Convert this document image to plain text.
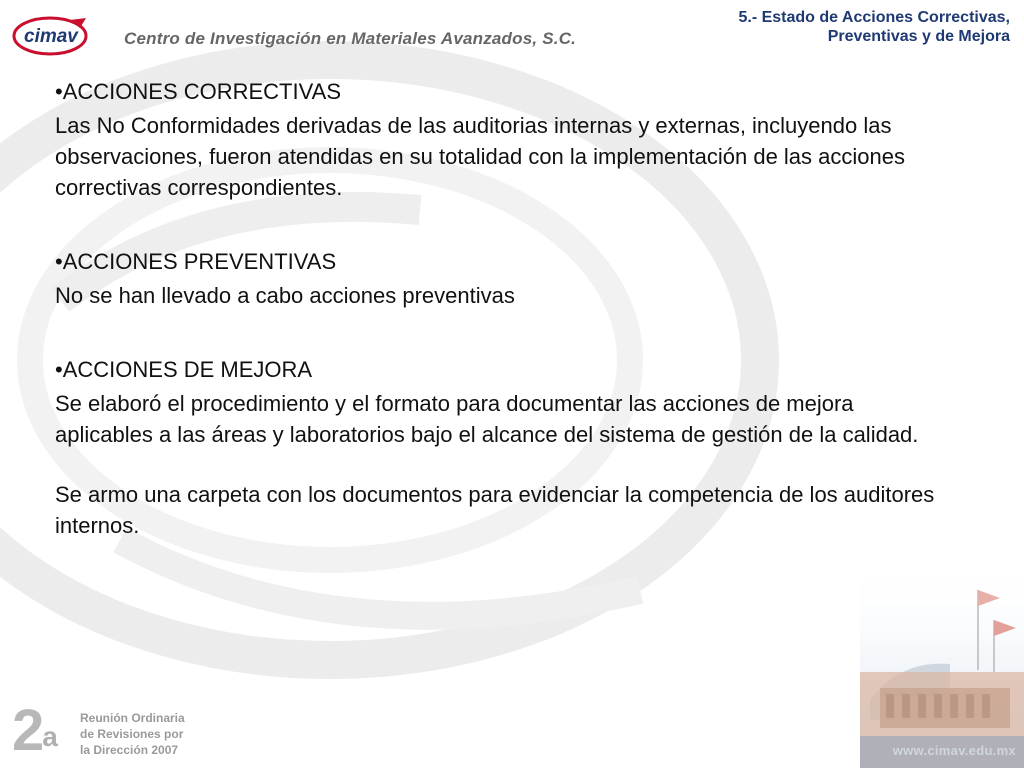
cimav	Centro de Investigación en Materiales Avanzados, S.C.
5.- Estado de Acciones Correctivas,
Preventivas y de Mejora

•ACCIONES CORRECTIVAS

Las No Conformidades derivadas de las auditorias internas y externas, incluyendo las observaciones, fueron atendidas en su totalidad con la implementación de las acciones correctivas correspondientes.

•ACCIONES PREVENTIVAS

No se han llevado a cabo acciones preventivas

•ACCIONES DE MEJORA

Se elaboró el procedimiento y el formato para documentar las acciones de mejora aplicables a las áreas y laboratorios bajo el alcance del sistema de gestión de la calidad.

Se armo una carpeta con los documentos para evidenciar la competencia de los auditores internos.

2$^a$
Reunión Ordinaria
de Revisiones por
la Dirección 2007	www.cimav.edu.mx
